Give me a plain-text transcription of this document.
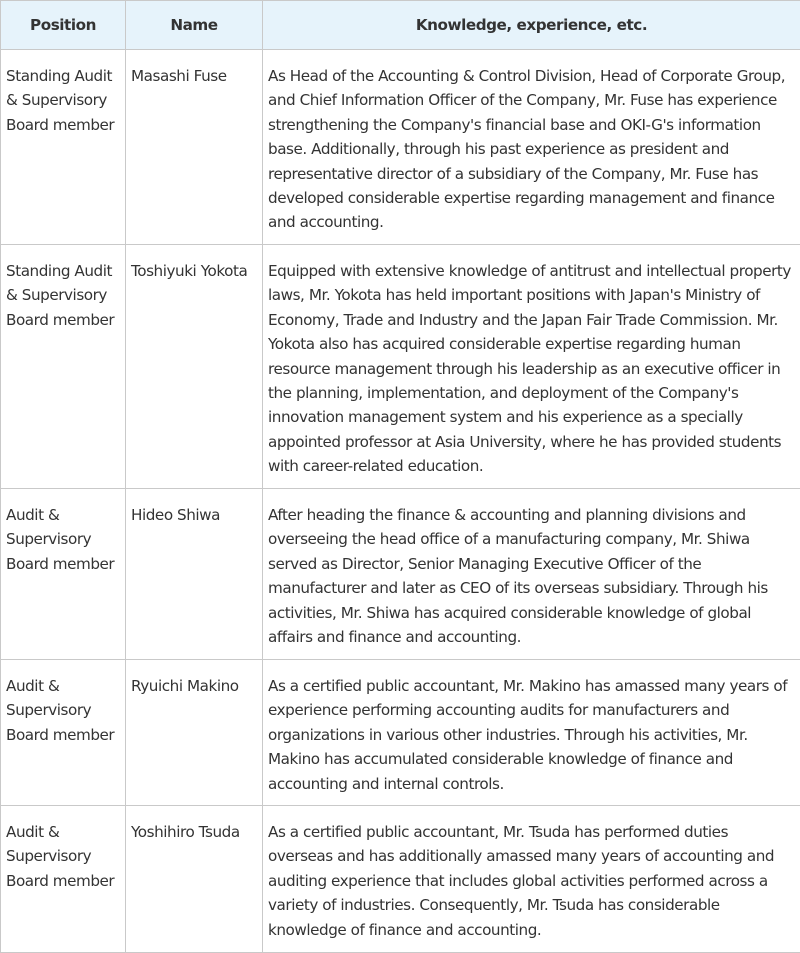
Position	Name	Knowledge, experience, etc.
Standing Audit & Supervisory Board member	Masashi Fuse	As Head of the Accounting & Control Division, Head of Corporate Group, and Chief Information Officer of the Company, Mr. Fuse has experience strengthening the Company's financial base and OKI-G's information base. Additionally, through his past experience as president and representative director of a subsidiary of the Company, Mr. Fuse has developed considerable expertise regarding management and finance and accounting.
Standing Audit & Supervisory Board member	Toshiyuki Yokota	Equipped with extensive knowledge of antitrust and intellectual property laws, Mr. Yokota has held important positions with Japan's Ministry of Economy, Trade and Industry and the Japan Fair Trade Commission. Mr. Yokota also has acquired considerable expertise regarding human resource management through his leadership as an executive officer in the planning, implementation, and deployment of the Company's innovation management system and his experience as a specially appointed professor at Asia University, where he has provided students with career-related education.
Audit & Supervisory Board member	Hideo Shiwa	After heading the finance & accounting and planning divisions and overseeing the head office of a manufacturing company, Mr. Shiwa served as Director, Senior Managing Executive Officer of the manufacturer and later as CEO of its overseas subsidiary. Through his activities, Mr. Shiwa has acquired considerable knowledge of global affairs and finance and accounting.
Audit & Supervisory Board member	Ryuichi Makino	As a certified public accountant, Mr. Makino has amassed many years of experience performing accounting audits for manufacturers and organizations in various other industries. Through his activities, Mr. Makino has accumulated considerable knowledge of finance and accounting and internal controls.
Audit & Supervisory Board member	Yoshihiro Tsuda	As a certified public accountant, Mr. Tsuda has performed duties overseas and has additionally amassed many years of accounting and auditing experience that includes global activities performed across a variety of industries. Consequently, Mr. Tsuda has considerable knowledge of finance and accounting.
